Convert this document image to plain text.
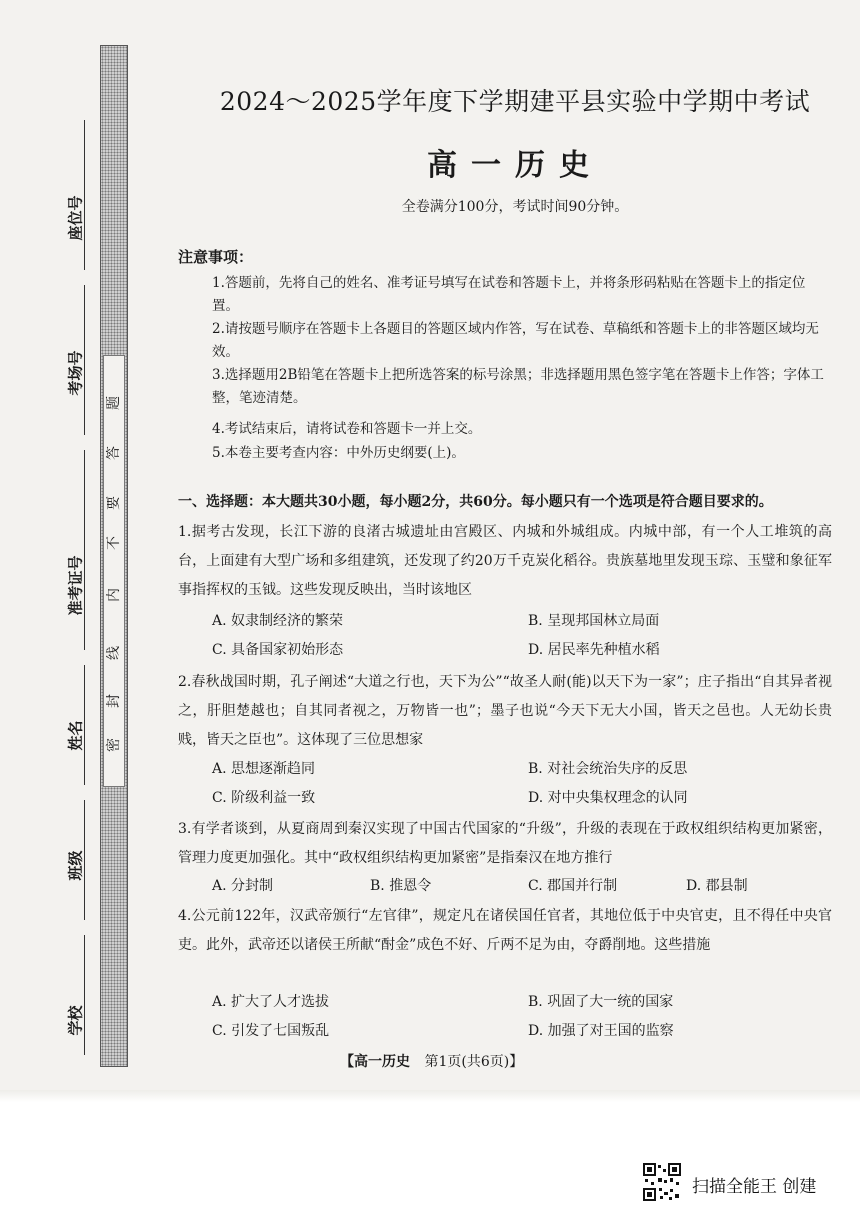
题
答
要
不
内
线
封
密
座位号
考场号
准考证号
姓名
班级
学校
2024～2025学年度下学期建平县实验中学期中考试
高一历史
全卷满分100分，考试时间90分钟。
注意事项：
1.答题前，先将自己的姓名、准考证号填写在试卷和答题卡上，并将条形码粘贴在答题卡上的指定位置。
2.请按题号顺序在答题卡上各题目的答题区域内作答，写在试卷、草稿纸和答题卡上的非答题区域均无效。
3.选择题用2B铅笔在答题卡上把所选答案的标号涂黑；非选择题用黑色签字笔在答题卡上作答；字体工整，笔迹清楚。
4.考试结束后，请将试卷和答题卡一并上交。
5.本卷主要考查内容：中外历史纲要(上)。
一、选择题：本大题共30小题，每小题2分，共60分。每小题只有一个选项是符合题目要求的。
1.据考古发现，长江下游的良渚古城遗址由宫殿区、内城和外城组成。内城中部，有一个人工堆筑的高台，上面建有大型广场和多组建筑，还发现了约20万千克炭化稻谷。贵族墓地里发现玉琮、玉璧和象征军事指挥权的玉钺。这些发现反映出，当时该地区
A. 奴隶制经济的繁荣	B. 呈现邦国林立局面
C. 具备国家初始形态	D. 居民率先种植水稻
2.春秋战国时期，孔子阐述“大道之行也，天下为公”“故圣人耐(能)以天下为一家”；庄子指出“自其异者视之，肝胆楚越也；自其同者视之，万物皆一也”；墨子也说“今天下无大小国，皆天之邑也。人无幼长贵贱，皆天之臣也”。这体现了三位思想家
A. 思想逐渐趋同	B. 对社会统治失序的反思
C. 阶级利益一致	D. 对中央集权理念的认同
3.有学者谈到，从夏商周到秦汉实现了中国古代国家的“升级”，升级的表现在于政权组织结构更加紧密，管理力度更加强化。其中“政权组织结构更加紧密”是指秦汉在地方推行
A. 分封制	B. 推恩令	C. 郡国并行制	D. 郡县制
4.公元前122年，汉武帝颁行“左官律”，规定凡在诸侯国任官者，其地位低于中央官吏，且不得任中央官吏。此外，武帝还以诸侯王所献“酎金”成色不好、斤两不足为由，夺爵削地。这些措施
A. 扩大了人才选拔	B. 巩固了大一统的国家
C. 引发了七国叛乱	D. 加强了对王国的监察
【高一历史 第1页(共6页)】
扫描全能王 创建
